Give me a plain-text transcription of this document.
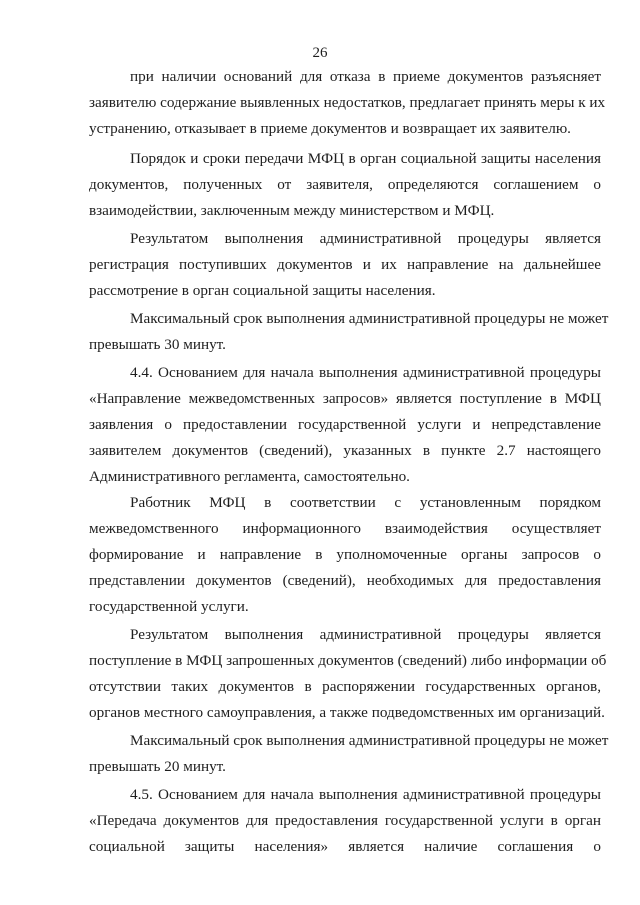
26
при наличии оснований для отказа в приеме документов разъясняет
заявителю содержание выявленных недостатков, предлагает принять меры к их
устранению, отказывает в приеме документов и возвращает их заявителю.
Порядок и сроки передачи МФЦ в орган социальной защиты населения
документов, полученных от заявителя, определяются соглашением о
взаимодействии, заключенным между министерством и МФЦ.
Результатом выполнения административной процедуры является
регистрация поступивших документов и их направление на дальнейшее
рассмотрение в орган социальной защиты населения.
Максимальный срок выполнения административной процедуры не может
превышать 30 минут.
4.4. Основанием для начала выполнения административной процедуры
«Направление межведомственных запросов» является поступление в МФЦ
заявления о предоставлении государственной услуги и непредставление
заявителем документов (сведений), указанных в пункте 2.7 настоящего
Административного регламента, самостоятельно.
Работник МФЦ в соответствии с установленным порядком
межведомственного информационного взаимодействия осуществляет
формирование и направление в уполномоченные органы запросов о
представлении документов (сведений), необходимых для предоставления
государственной услуги.
Результатом выполнения административной процедуры является
поступление в МФЦ запрошенных документов (сведений) либо информации об
отсутствии таких документов в распоряжении государственных органов,
органов местного самоуправления, а также подведомственных им организаций.
Максимальный срок выполнения административной процедуры не может
превышать 20 минут.
4.5. Основанием для начала выполнения административной процедуры
«Передача документов для предоставления государственной услуги в орган
социальной защиты населения» является наличие соглашения о
